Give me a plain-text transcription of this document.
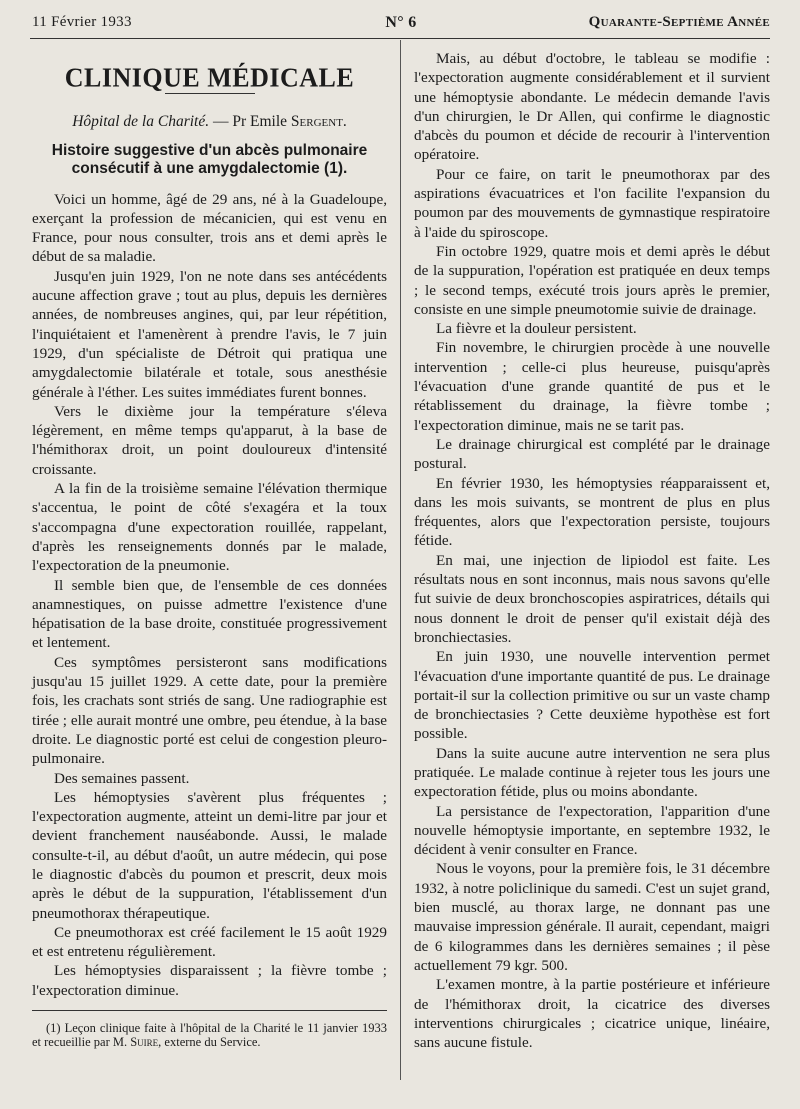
11 Février 1933	N° 6	Quarante-Septième Année
CLINIQUE MÉDICALE
Hôpital de la Charité. — Pr Emile Sergent.
Histoire suggestive d'un abcès pulmonaire consécutif à une amygdalectomie (1).

Voici un homme, âgé de 29 ans, né à la Guadeloupe, exerçant la profession de mécanicien, qui est venu en France, pour nous consulter, trois ans et demi après le début de sa maladie.

Jusqu'en juin 1929, l'on ne note dans ses antécédents aucune affection grave ; tout au plus, depuis les dernières années, de nombreuses angines, qui, par leur répétition, l'inquiétaient et l'amenèrent à prendre l'avis, le 7 juin 1929, d'un spécialiste de Détroit qui pratiqua une amygdalectomie bilatérale et totale, sous anesthésie générale à l'éther. Les suites immédiates furent bonnes.

Vers le dixième jour la température s'éleva légèrement, en même temps qu'apparut, à la base de l'hémithorax droit, un point douloureux d'intensité croissante.

A la fin de la troisième semaine l'élévation thermique s'accentua, le point de côté s'exagéra et la toux s'accompagna d'une expectoration rouillée, rappelant, d'après les renseignements donnés par le malade, l'expectoration de la pneumonie.

Il semble bien que, de l'ensemble de ces données anamnestiques, on puisse admettre l'existence d'une hépatisation de la base droite, constituée progressivement et lentement.

Ces symptômes persisteront sans modifications jusqu'au 15 juillet 1929. A cette date, pour la première fois, les crachats sont striés de sang. Une radiographie est tirée ; elle aurait montré une ombre, peu étendue, à la base droite. Le diagnostic porté est celui de congestion pleuro-pulmonaire.

Des semaines passent.

Les hémoptysies s'avèrent plus fréquentes ; l'expectoration augmente, atteint un demi-litre par jour et devient franchement nauséabonde. Aussi, le malade consulte-t-il, au début d'août, un autre médecin, qui pose le diagnostic d'abcès du poumon et prescrit, deux mois après le début de la suppuration, l'établissement d'un pneumothorax thérapeutique.

Ce pneumothorax est créé facilement le 15 août 1929 et est entretenu régulièrement.

Les hémoptysies disparaissent ; la fièvre tombe ; l'expectoration diminue.

(1) Leçon clinique faite à l'hôpital de la Charité le 11 janvier 1933 et recueillie par M. Suire, externe du Service.

Mais, au début d'octobre, le tableau se modifie : l'expectoration augmente considérablement et il survient une hémoptysie abondante. Le médecin demande l'avis d'un chirurgien, le Dr Allen, qui confirme le diagnostic d'abcès du poumon et décide de recourir à l'intervention opératoire.

Pour ce faire, on tarit le pneumothorax par des aspirations évacuatrices et l'on facilite l'expansion du poumon par des mouvements de gymnastique respiratoire à l'aide du spiroscope.

Fin octobre 1929, quatre mois et demi après le début de la suppuration, l'opération est pratiquée en deux temps ; le second temps, exécuté trois jours après le premier, consiste en une simple pneumotomie suivie de drainage.

La fièvre et la douleur persistent.

Fin novembre, le chirurgien procède à une nouvelle intervention ; celle-ci plus heureuse, puisqu'après l'évacuation d'une grande quantité de pus et le rétablissement du drainage, la fièvre tombe ; l'expectoration diminue, mais ne se tarit pas.

Le drainage chirurgical est complété par le drainage postural.

En février 1930, les hémoptysies réapparaissent et, dans les mois suivants, se montrent de plus en plus fréquentes, alors que l'expectoration persiste, toujours fétide.

En mai, une injection de lipiodol est faite. Les résultats nous en sont inconnus, mais nous savons qu'elle fut suivie de deux bronchoscopies aspiratrices, détails qui nous donnent le droit de penser qu'il existait déjà des bronchiectasies.

En juin 1930, une nouvelle intervention permet l'évacuation d'une importante quantité de pus. Le drainage portait-il sur la collection primitive ou sur un vaste champ de bronchiectasies ? Cette deuxième hypothèse est fort possible.

Dans la suite aucune autre intervention ne sera plus pratiquée. Le malade continue à rejeter tous les jours une expectoration fétide, plus ou moins abondante.

La persistance de l'expectoration, l'apparition d'une nouvelle hémoptysie importante, en septembre 1932, le décident à venir consulter en France.

Nous le voyons, pour la première fois, le 31 décembre 1932, à notre policlinique du samedi. C'est un sujet grand, bien musclé, au thorax large, ne donnant pas une mauvaise impression générale. Il aurait, cependant, maigri de 6 kilogrammes dans les dernières semaines ; il pèse actuellement 79 kgr. 500.

L'examen montre, à la partie postérieure et inférieure de l'hémithorax droit, la cicatrice des diverses interventions chirurgicales ; cicatrice unique, linéaire, sans aucune fistule.
